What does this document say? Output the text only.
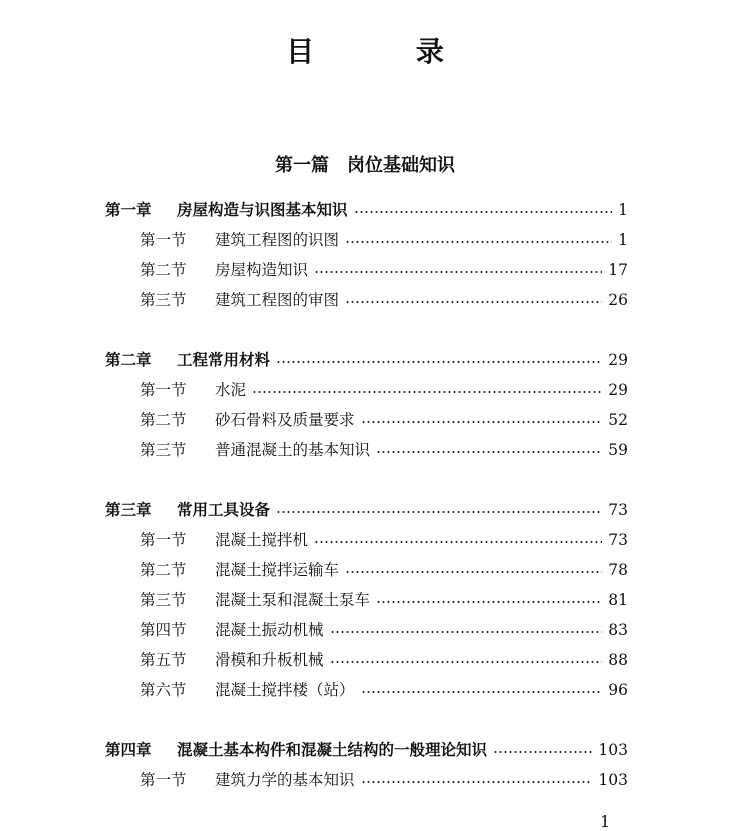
目 录
第一篇　岗位基础知识
第一章	房屋构造与识图基本知识	1
第一节	建筑工程图的识图	1
第二节	房屋构造知识	17
第三节	建筑工程图的审图	26
第二章	工程常用材料	29
第一节	水泥	29
第二节	砂石骨料及质量要求	52
第三节	普通混凝土的基本知识	59
第三章	常用工具设备	73
第一节	混凝土搅拌机	73
第二节	混凝土搅拌运输车	78
第三节	混凝土泵和混凝土泵车	81
第四节	混凝土振动机械	83
第五节	滑模和升板机械	88
第六节	混凝土搅拌楼（站）	96
第四章	混凝土基本构件和混凝土结构的一般理论知识	103
第一节	建筑力学的基本知识	103
1
